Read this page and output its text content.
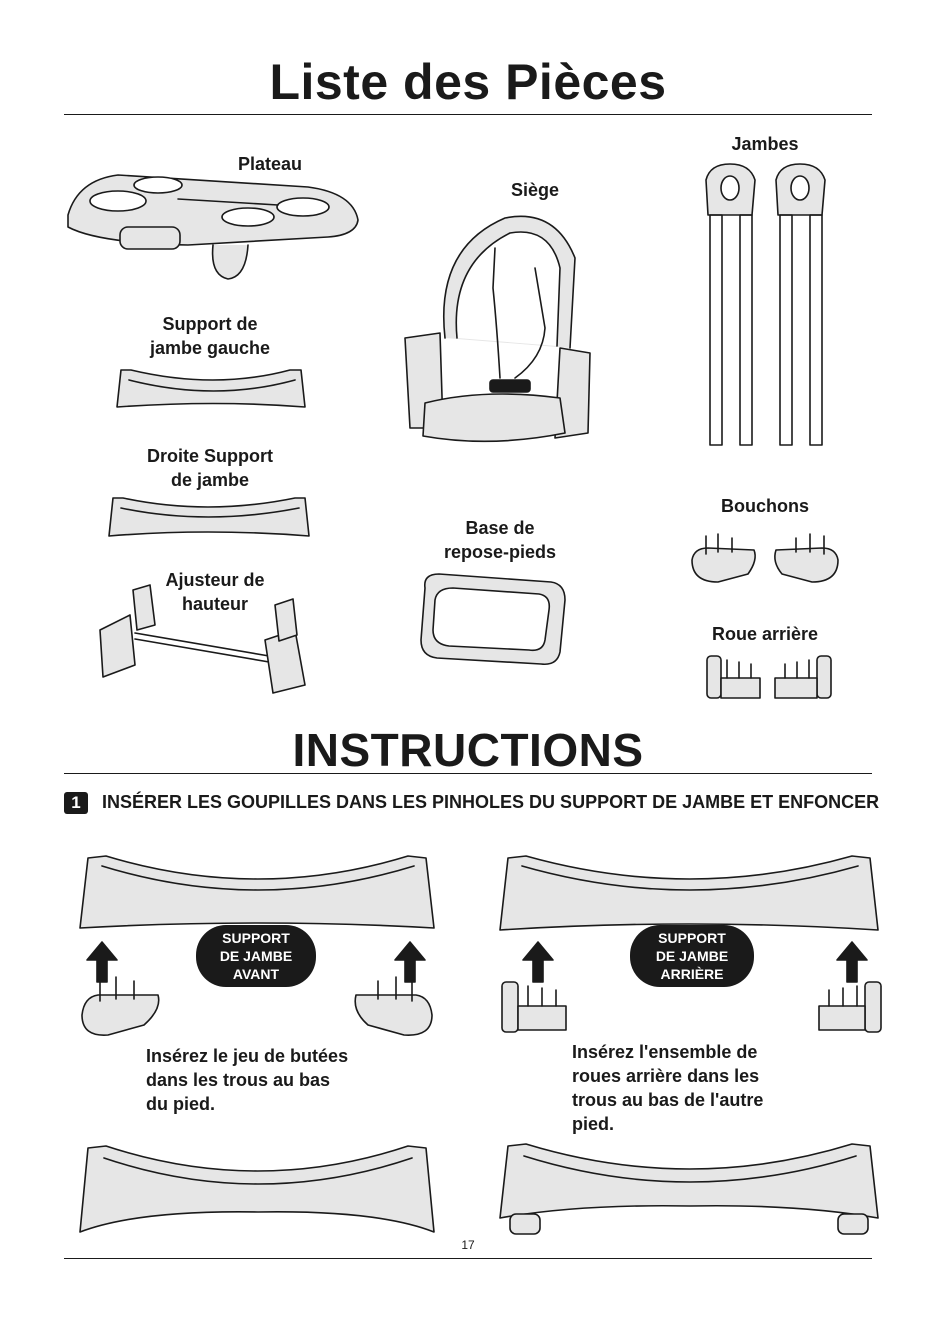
Liste des Pièces
Plateau
Siège
Jambes
Support de
jambe gauche
Droite Support
de jambe
Ajusteur de
hauteur
Bouchons
Base de
repose-pieds
Roue arrière
INSTRUCTIONS
1	INSÉRER LES GOUPILLES DANS LES PINHOLES DU SUPPORT DE JAMBE ET ENFONCER
SUPPORT
DE JAMBE
AVANT
Insérez le jeu de butées
dans les trous au bas
du pied.
SUPPORT
DE JAMBE
ARRIÈRE
Insérez l'ensemble de
roues arrière dans les
trous au bas de l'autre
pied.
17
